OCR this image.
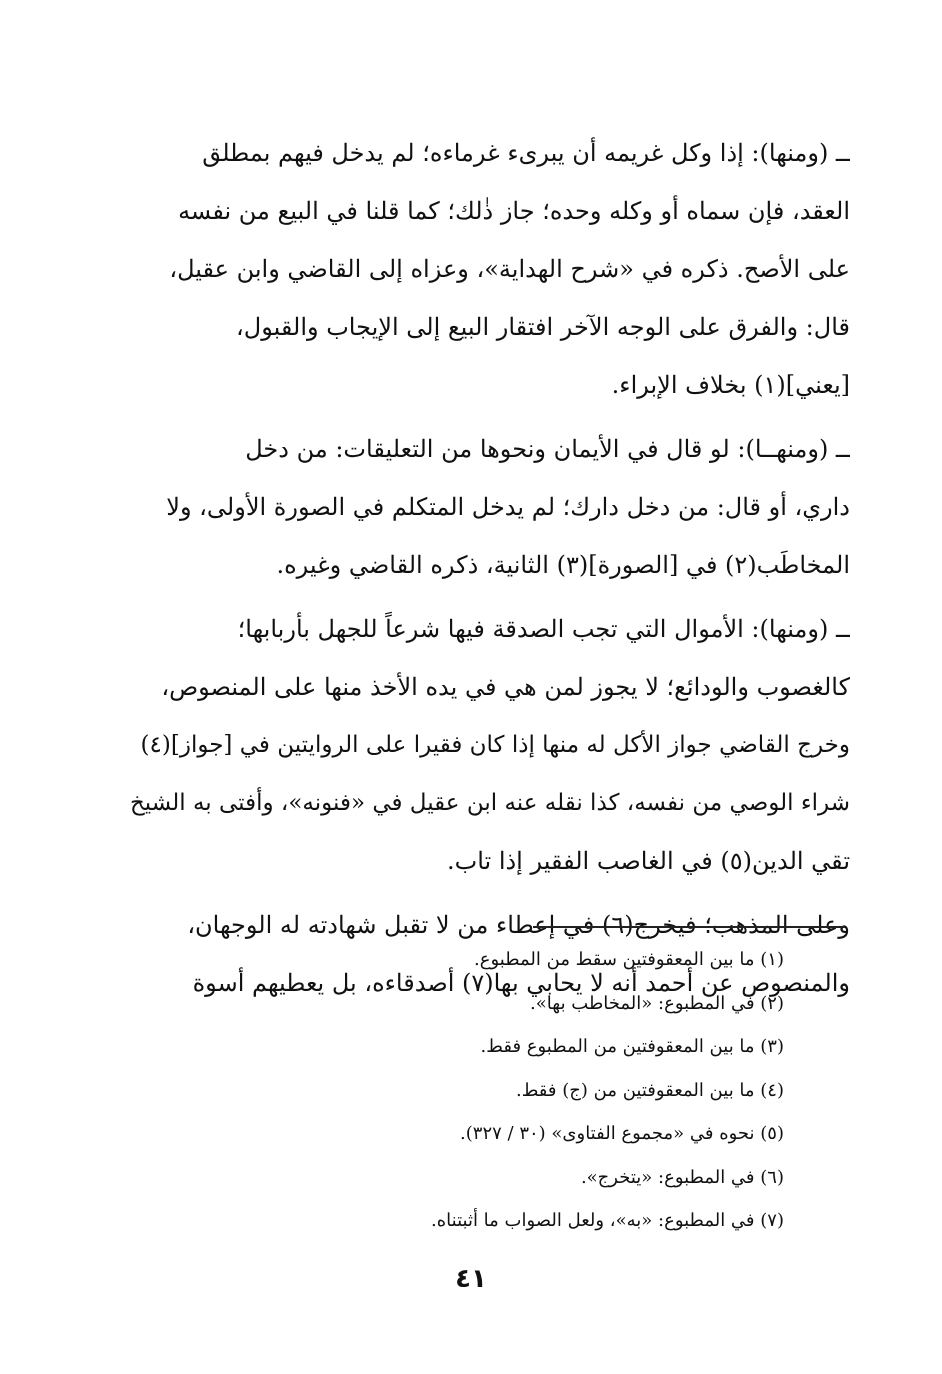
ــ (ومنها): إذا وكل غريمه أن يبرىء غرماءه؛ لم يدخل فيهم بمطلق
العقد، فإن سماه أو وكله وحده؛ جاز ذٰلك؛ كما قلنا في البيع من نفسه
على الأصح. ذكره في «شرح الهداية»، وعزاه إلى القاضي وابن عقيل،
قال: والفرق على الوجه الآخر افتقار البيع إلى الإيجاب والقبول،
[يعني](١) بخلاف الإبراء.
ــ (ومنهــا): لو قال في الأيمان ونحوها من التعليقات: من دخل
داري، أو قال: من دخل دارك؛ لم يدخل المتكلم في الصورة الأولى، ولا
المخاطَب(٢) في [الصورة](٣) الثانية، ذكره القاضي وغيره.
ــ (ومنها): الأموال التي تجب الصدقة فيها شرعاً للجهل بأربابها؛
كالغصوب والودائع؛ لا يجوز لمن هي في يده الأخذ منها على المنصوص،
وخرج القاضي جواز الأكل له منها إذا كان فقيرا على الروايتين في [جواز](٤)
شراء الوصي من نفسه، كذا نقله عنه ابن عقيل في «فنونه»، وأفتى به الشيخ
تقي الدين(٥) في الغاصب الفقير إذا تاب.
وعلى المذهب؛ فيخرج(٦) في إعطاء من لا تقبل شهادته له الوجهان،
والمنصوص عن أحمد أنه لا يحابي بها(٧) أصدقاءه، بل يعطيهم أسوة
(١) ما بين المعقوفتين سقط من المطبوع.
(٢) في المطبوع: «المخاطب بها».
(٣) ما بين المعقوفتين من المطبوع فقط.
(٤) ما بين المعقوفتين من (ج) فقط.
(٥) نحوه في «مجموع الفتاوى» (٣٠ / ٣٢٧).
(٦) في المطبوع: «يتخرج».
(٧) في المطبوع: «به»، ولعل الصواب ما أثبتناه.
٤١
